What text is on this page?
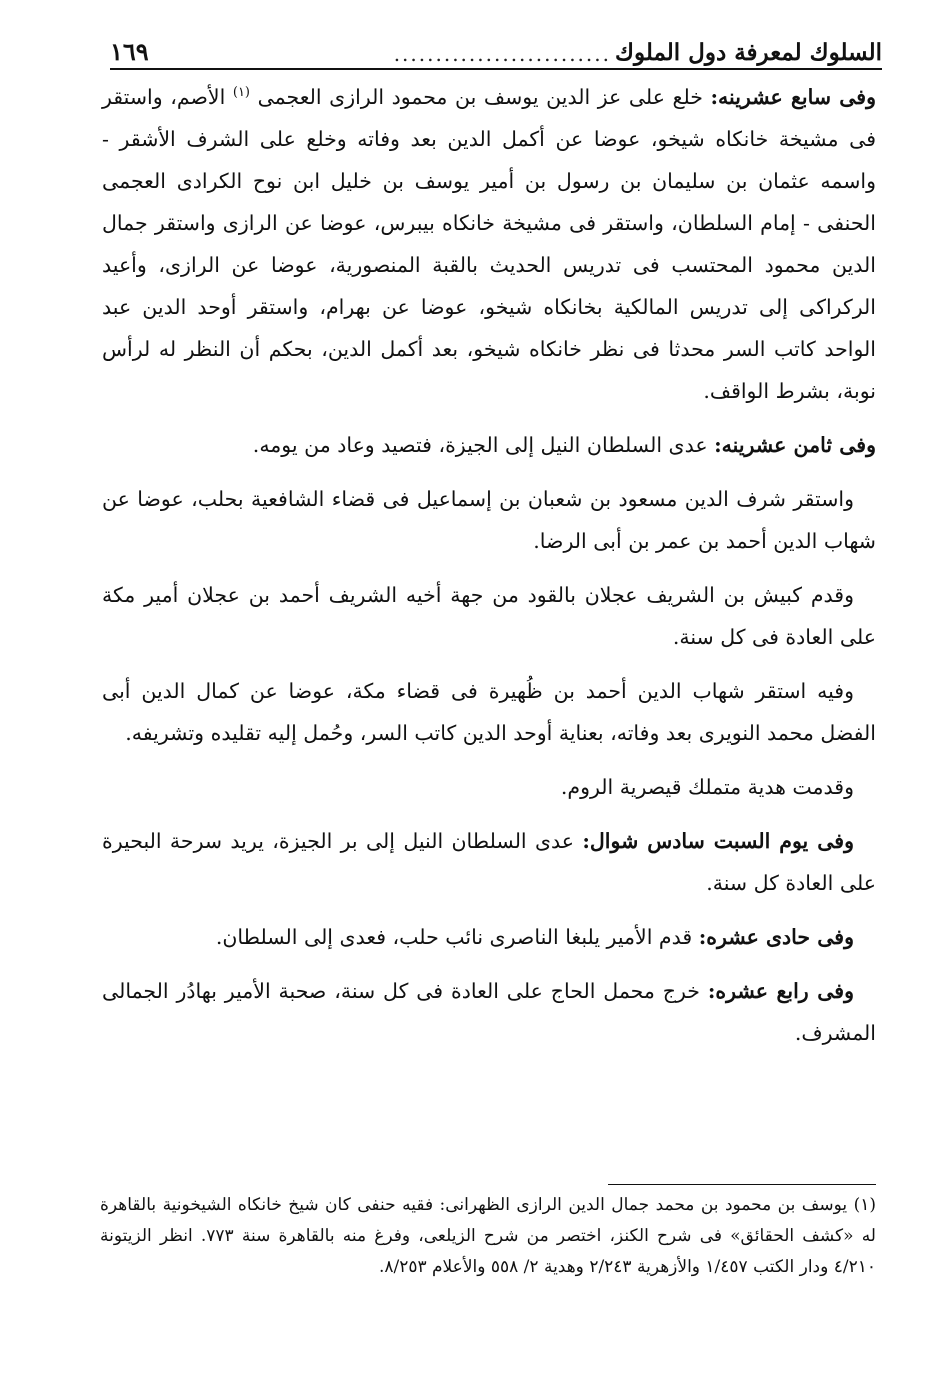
السلوك لمعرفة دول الملوك
..........................
١٦٩

وفى سابع عشرينه: خلع على عز الدين يوسف بن محمود الرازى العجمى $^{(١)}$ الأصم، واستقر فى مشيخة خانكاه شيخو، عوضا عن أكمل الدين بعد وفاته وخلع على الشرف الأشقر - واسمه عثمان بن سليمان بن رسول بن أمير يوسف بن خليل ابن نوح الكرادى العجمى الحنفى - إمام السلطان، واستقر فى مشيخة خانكاه بيبرس، عوضا عن الرازى واستقر جمال الدين محمود المحتسب فى تدريس الحديث بالقبة المنصورية، عوضا عن الرازى، وأعيد الركراكى إلى تدريس المالكية بخانكاه شيخو، عوضا عن بهرام، واستقر أوحد الدين عبد الواحد كاتب السر محدثا فى نظر خانكاه شيخو، بعد أكمل الدين، بحكم أن النظر له لرأس نوبة، بشرط الواقف.

وفى ثامن عشرينه: عدى السلطان النيل إلى الجيزة، فتصيد وعاد من يومه.

واستقر شرف الدين مسعود بن شعبان بن إسماعيل فى قضاء الشافعية بحلب، عوضا عن شهاب الدين أحمد بن عمر بن أبى الرضا.

وقدم كبيش بن الشريف عجلان بالقود من جهة أخيه الشريف أحمد بن عجلان أمير مكة على العادة فى كل سنة.

وفيه استقر شهاب الدين أحمد بن ظُهيرة فى قضاء مكة، عوضا عن كمال الدين أبى الفضل محمد النويرى بعد وفاته، بعناية أوحد الدين كاتب السر، وحُمل إليه تقليده وتشريفه.

وقدمت هدية متملك قيصرية الروم.

وفى يوم السبت سادس شوال: عدى السلطان النيل إلى بر الجيزة، يريد سرحة البحيرة على العادة كل سنة.

وفى حادى عشره: قدم الأمير يلبغا الناصرى نائب حلب، فعدى إلى السلطان.

وفى رابع عشره: خرج محمل الحاج على العادة فى كل سنة، صحبة الأمير بهادُر الجمالى المشرف.

(١) يوسف بن محمود بن محمد جمال الدين الرازى الظهرانى: فقيه حنفى كان شيخ خانكاه الشيخونية بالقاهرة له «كشف الحقائق» فى شرح الكنز، اختصر من شرح الزيلعى، وفرغ منه بالقاهرة سنة ٧٧٣. انظر الزيتونة ٤/٢١٠ ودار الكتب ١/٤٥٧ والأزهرية ٢/٢٤٣ وهدية ٢/ ٥٥٨ والأعلام ٨/٢٥٣.
